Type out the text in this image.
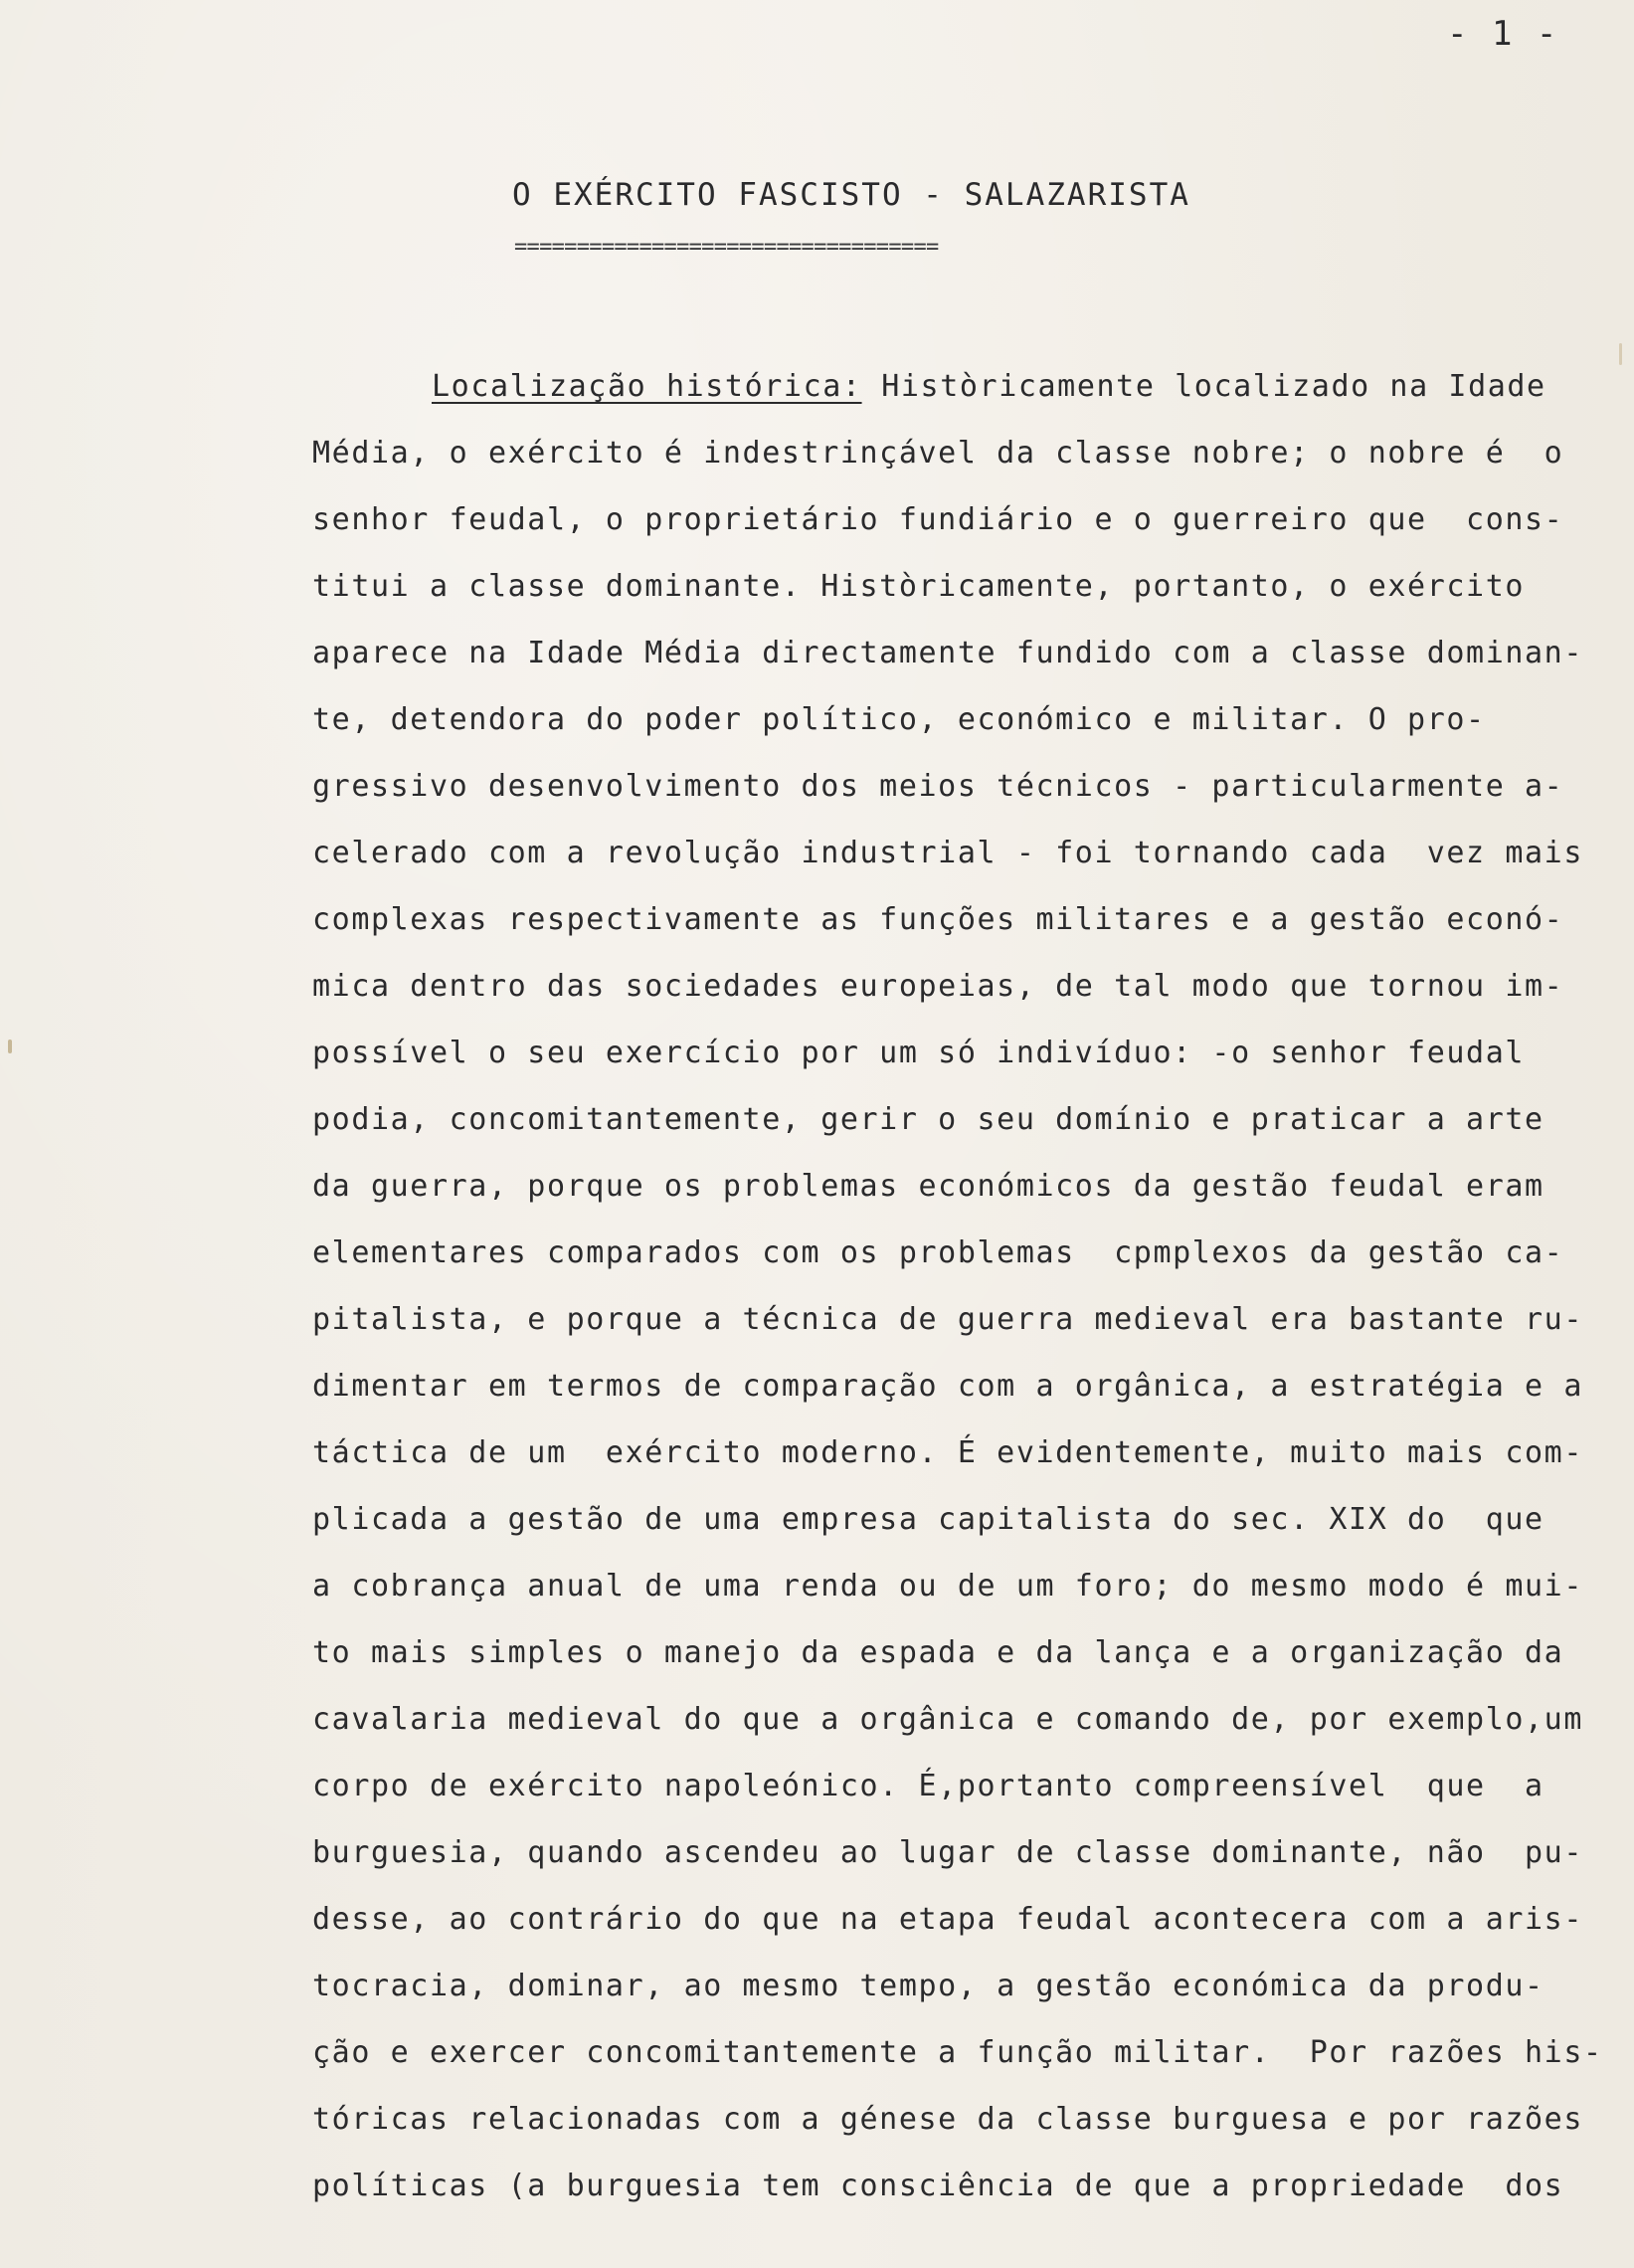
- 1 -
O EXÉRCITO FASCISTO - SALAZARISTA
==================================
Localização histórica: Històricamente localizado na Idade
Média, o exército é indestrinçável da classe nobre; o nobre é  o
senhor feudal, o proprietário fundiário e o guerreiro que  cons-
titui a classe dominante. Històricamente, portanto, o exército
aparece na Idade Média directamente fundido com a classe dominan-
te, detendora do poder político, económico e militar. O pro-
gressivo desenvolvimento dos meios técnicos - particularmente a-
celerado com a revolução industrial - foi tornando cada  vez mais
complexas respectivamente as funções militares e a gestão econó-
mica dentro das sociedades europeias, de tal modo que tornou im-
possível o seu exercício por um só indivíduo: -o senhor feudal
podia, concomitantemente, gerir o seu domínio e praticar a arte
da guerra, porque os problemas económicos da gestão feudal eram
elementares comparados com os problemas  cpmplexos da gestão ca-
pitalista, e porque a técnica de guerra medieval era bastante ru-
dimentar em termos de comparação com a orgânica, a estratégia e a
táctica de um  exército moderno. É evidentemente, muito mais com-
plicada a gestão de uma empresa capitalista do sec. XIX do  que
a cobrança anual de uma renda ou de um foro; do mesmo modo é mui-
to mais simples o manejo da espada e da lança e a organização da
cavalaria medieval do que a orgânica e comando de, por exemplo,um
corpo de exército napoleónico. É,portanto compreensível  que  a
burguesia, quando ascendeu ao lugar de classe dominante, não  pu-
desse, ao contrário do que na etapa feudal acontecera com a aris-
tocracia, dominar, ao mesmo tempo, a gestão económica da produ-
ção e exercer concomitantemente a função militar.  Por razões his-
tóricas relacionadas com a génese da classe burguesa e por razões
políticas (a burguesia tem consciência de que a propriedade  dos
